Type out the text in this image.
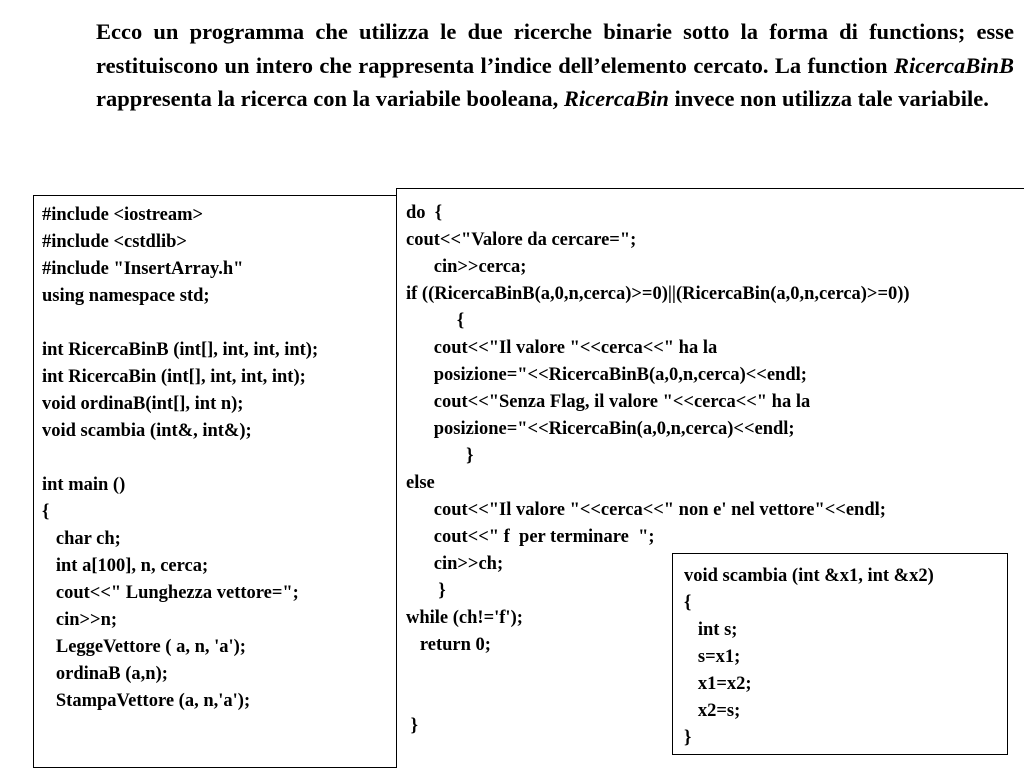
Ecco un programma che utilizza le due ricerche binarie sotto la forma di functions; esse restituiscono un intero che rappresenta l’indice dell’elemento cercato. La function RicercaBinB rappresenta la ricerca con la variabile booleana, RicercaBin invece non utilizza tale variabile.

#include <iostream>
#include <cstdlib>
#include "InsertArray.h"
using namespace std;
int RicercaBinB (int[], int, int, int);
int RicercaBin (int[], int, int, int);
void ordinaB(int[], int n);
void scambia (int&, int&);
int main ()
{
char ch;
int a[100], n, cerca;
cout<<" Lunghezza vettore=";
cin>>n;
LeggeVettore ( a, n, 'a');
ordinaB (a,n);
StampaVettore (a, n,'a');
do  {
cout<<"Valore da cercare=";
cin>>cerca;
if ((RicercaBinB(a,0,n,cerca)>=0)||(RicercaBin(a,0,n,cerca)>=0))
{
cout<<"Il valore "<<cerca<<" ha la
posizione="<<RicercaBinB(a,0,n,cerca)<<endl;
cout<<"Senza Flag, il valore "<<cerca<<" ha la
posizione="<<RicercaBin(a,0,n,cerca)<<endl;
}
else
cout<<"Il valore "<<cerca<<" non e' nel vettore"<<endl;
cout<<" f  per terminare  ";
cin>>ch;
}
while (ch!='f');
return 0;
}
void scambia (int &x1, int &x2)
{
int s;
s=x1;
x1=x2;
x2=s;
}
